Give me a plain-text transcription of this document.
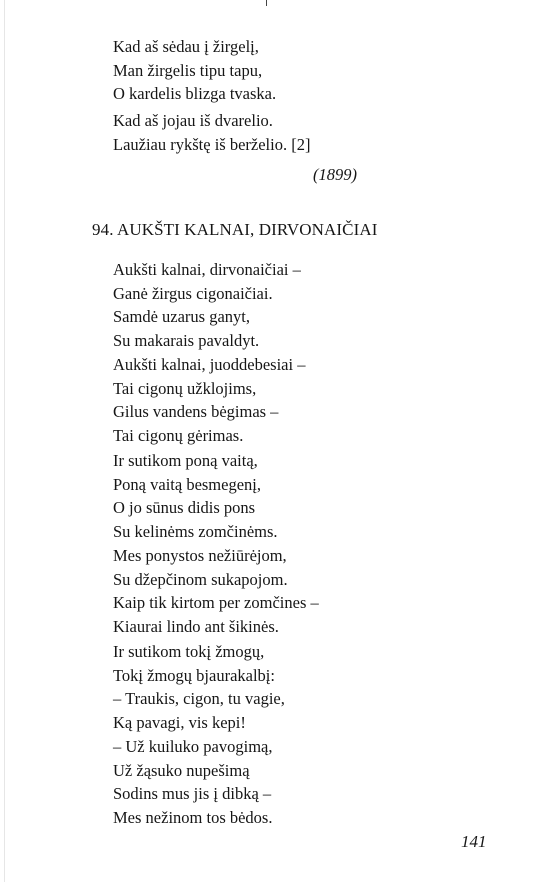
Kad aš sėdau į žirgelį,
Man žirgelis tipu tapu,
O kardelis blizga tvaska.
Kad aš jojau iš dvarelio.
Laužiau rykštę iš berželio. [2]
(1899)
94. AUKŠTI KALNAI, DIRVONAIČIAI
Aukšti kalnai, dirvonaičiai –
Ganė žirgus cigonaičiai.
Samdė uzarus ganyt,
Su makarais pavaldyt.
Aukšti kalnai, juoddebesiai –
Tai cigonų užklojims,
Gilus vandens bėgimas –
Tai cigonų gėrimas.
Ir sutikom poną vaitą,
Poną vaitą besmegenį,
O jo sūnus didis pons
Su kelinėms zomčinėms.
Mes ponystos nežiūrėjom,
Su džepčinom sukapojom.
Kaip tik kirtom per zomčines –
Kiaurai lindo ant šikinės.
Ir sutikom tokį žmogų,
Tokį žmogų bjaurakalbį:
– Traukis, cigon, tu vagie,
Ką pavagi, vis kepi!
– Už kuiluko pavogimą,
Už žąsuko nupešimą
Sodins mus jis į dibką –
Mes nežinom tos bėdos.
141
